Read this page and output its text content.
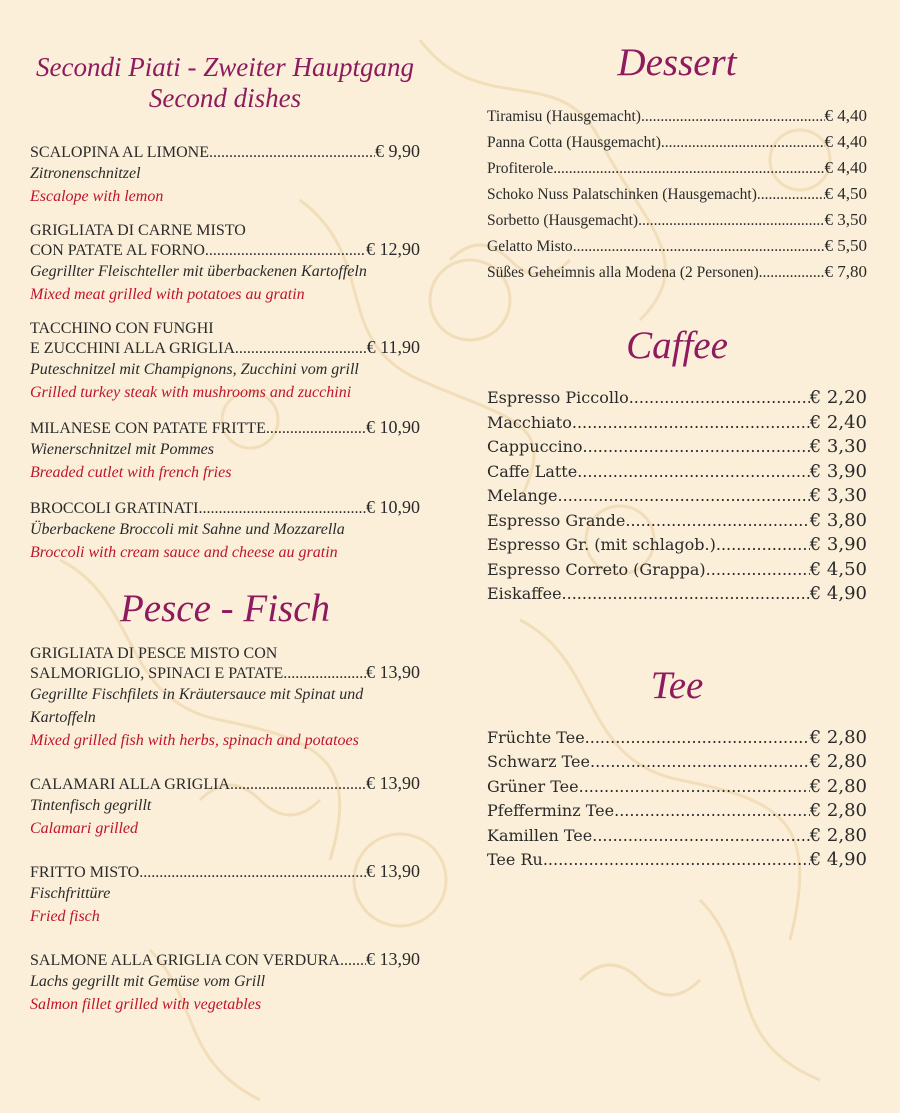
Secondi Piati - Zweiter Hauptgang

Second dishes

SCALOPINA AL LIMONE .....	€ 9,90
Zitronenschnitzel
Escalope with lemon
GRIGLIATA DI CARNE MISTO
CON PATATE AL FORNO .....	€ 12,90
Gegrillter Fleischteller mit überbackenen Kartoffeln
Mixed meat grilled with potatoes au gratin
TACCHINO CON FUNGHI
E ZUCCHINI ALLA GRIGLIA .....	€ 11,90
Puteschnitzel mit Champignons, Zucchini vom grill
Grilled turkey steak with mushrooms and zucchini
MILANESE CON PATATE FRITTE .....	€ 10,90
Wienerschnitzel mit Pommes
Breaded cutlet with french fries
BROCCOLI GRATINATI .....	€ 10,90
Überbackene Broccoli mit Sahne und Mozzarella
Broccoli with cream sauce and cheese au gratin

Pesce - Fisch

GRIGLIATA DI PESCE MISTO CON
SALMORIGLIO, SPINACI E PATATE .....	€ 13,90
Gegrillte Fischfilets in Kräutersauce mit Spinat und Kartoffeln
Mixed grilled fish with herbs, spinach and potatoes
CALAMARI ALLA GRIGLIA .....	€ 13,90
Tintenfisch gegrillt
Calamari grilled
FRITTO MISTO .....	€ 13,90
Fischfrittüre
Fried fisch
SALMONE ALLA GRIGLIA CON VERDURA ..... € 13,90
Lachs gegrillt mit Gemüse vom Grill
Salmon fillet grilled with vegetables

Dessert

Tiramisu (Hausgemacht) .....	€ 4,40
Panna Cotta (Hausgemacht) .....	€ 4,40
Profiterole .....	€ 4,40
Schoko Nuss Palatschinken (Hausgemacht) .....	€ 4,50
Sorbetto (Hausgemacht) .....	€ 3,50
Gelatto Misto .....	€ 5,50
Süßes Geheimnis alla Modena (2 Personen) .....	€ 7,80

Caffee

Espresso Piccollo .....	€ 2,20
Macchiato .....	€ 2,40
Cappuccino .....	€ 3,30
Caffe Latte .....	€ 3,90
Melange .....	€ 3,30
Espresso Grande .....	€ 3,80
Espresso Gr. (mit schlagob.) .....	€ 3,90
Espresso Correto (Grappa) .....	€ 4,50
Eiskaffee .....	€ 4,90

Tee

Früchte Tee .....	€ 2,80
Schwarz Tee .....	€ 2,80
Grüner Tee .....	€ 2,80
Pfefferminz Tee .....	€ 2,80
Kamillen Tee .....	€ 2,80
Tee Ru .....	€ 4,90
